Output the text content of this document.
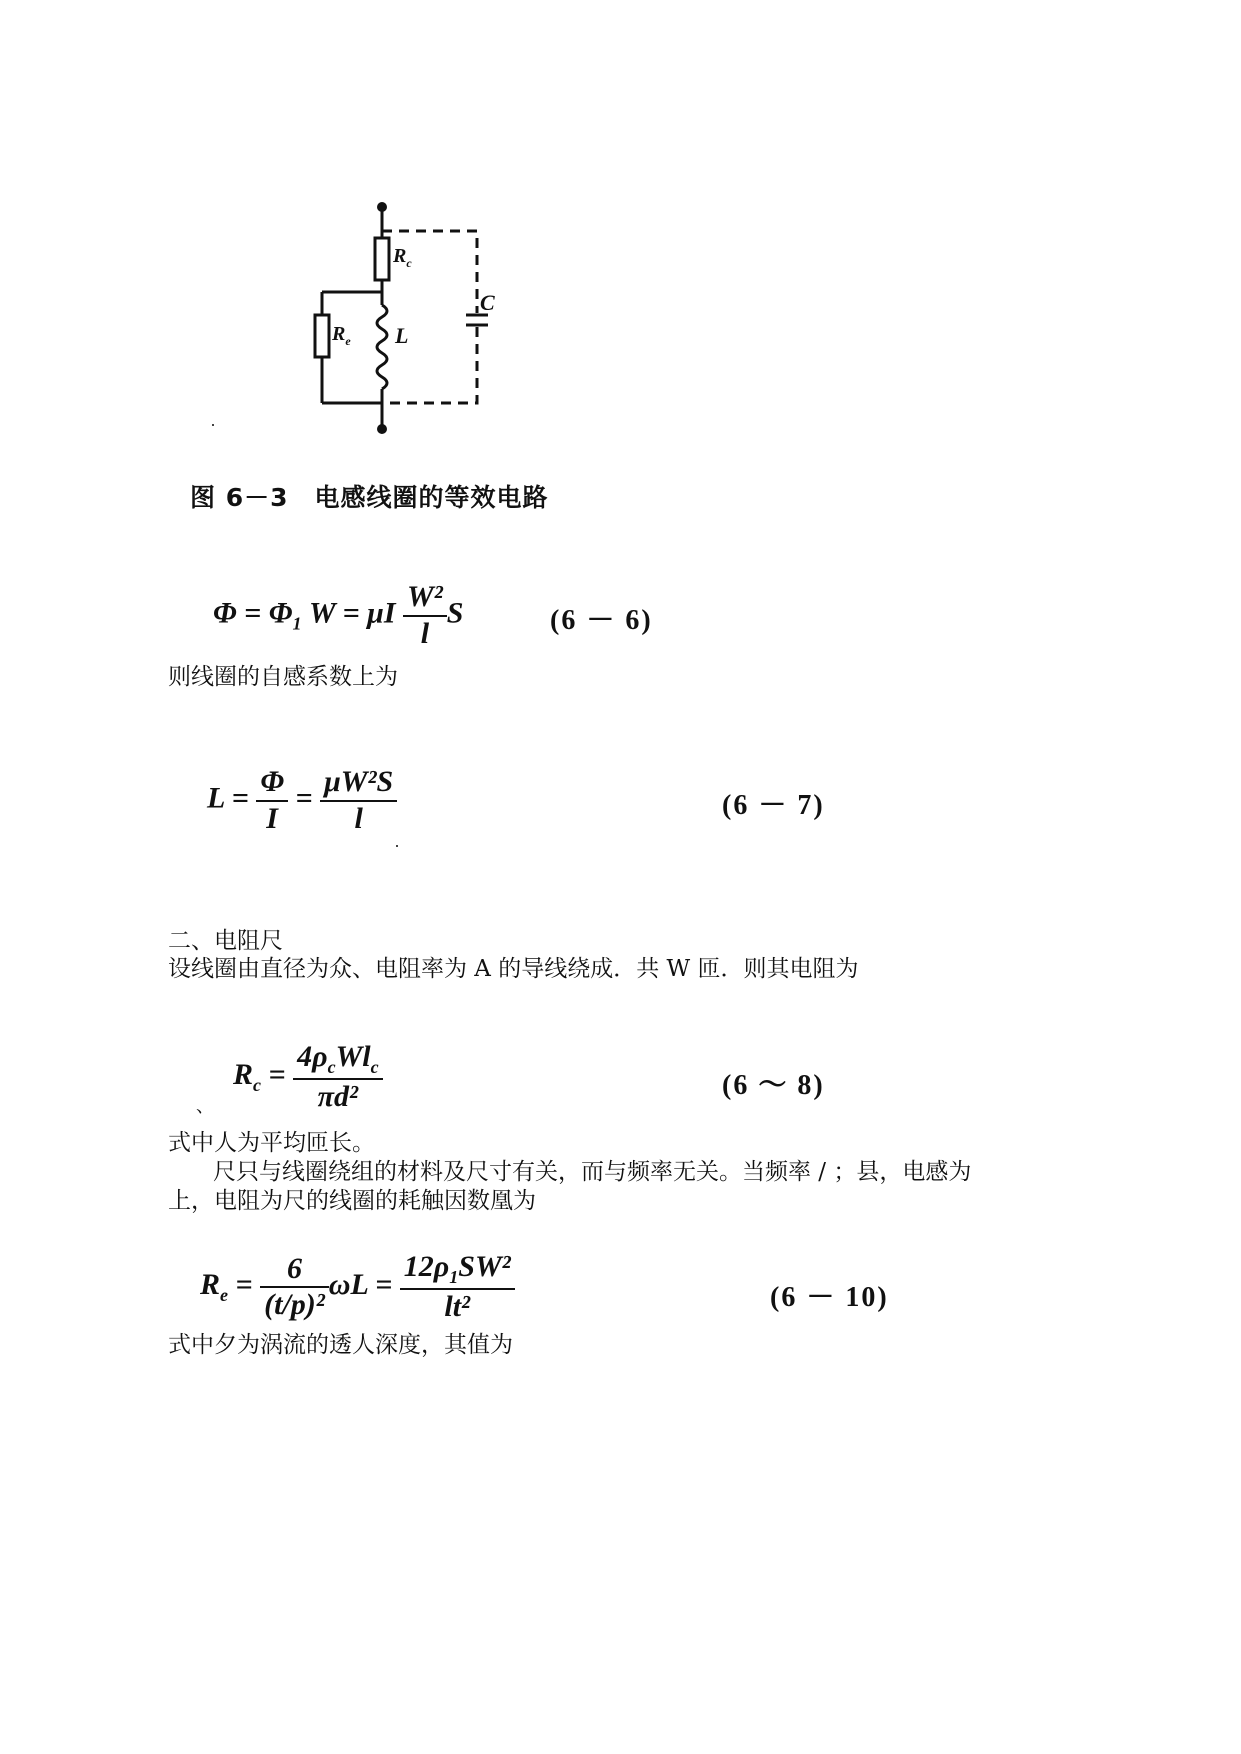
$R_c$
$R_e$ L
C
图 6－3　电感线圈的等效电路
$\Phi = \Phi_1$ W = μI $\frac{\text{W²}}{l}$ S	(6 － 6)
则线圈的自感系数上为
$L = \frac{\Phi}{I} = \frac{\text{μW²S}}{l}$	(6 － 7)
二、电阻尺
设线圈由直径为众、电阻率为 A 的导线绕成．共 W 匝．则其电阻为
$R_c = \frac{4\rho_cWl_c}{\text{πd²}}$	(6 ～ 8)
、
式中人为平均匝长。
尺只与线圈绕组的材料及尺寸有关，而与频率无关。当频率 / ；县，电感为
上，电阻为尺的线圈的耗触因数凰为
$R_e = \frac{6}{\text{(t/p)²}}$ $\omega L = \frac{12\rho_1SW^2}{\text{lt²}}$	(6 － 10)
式中夕为涡流的透人深度，其值为
